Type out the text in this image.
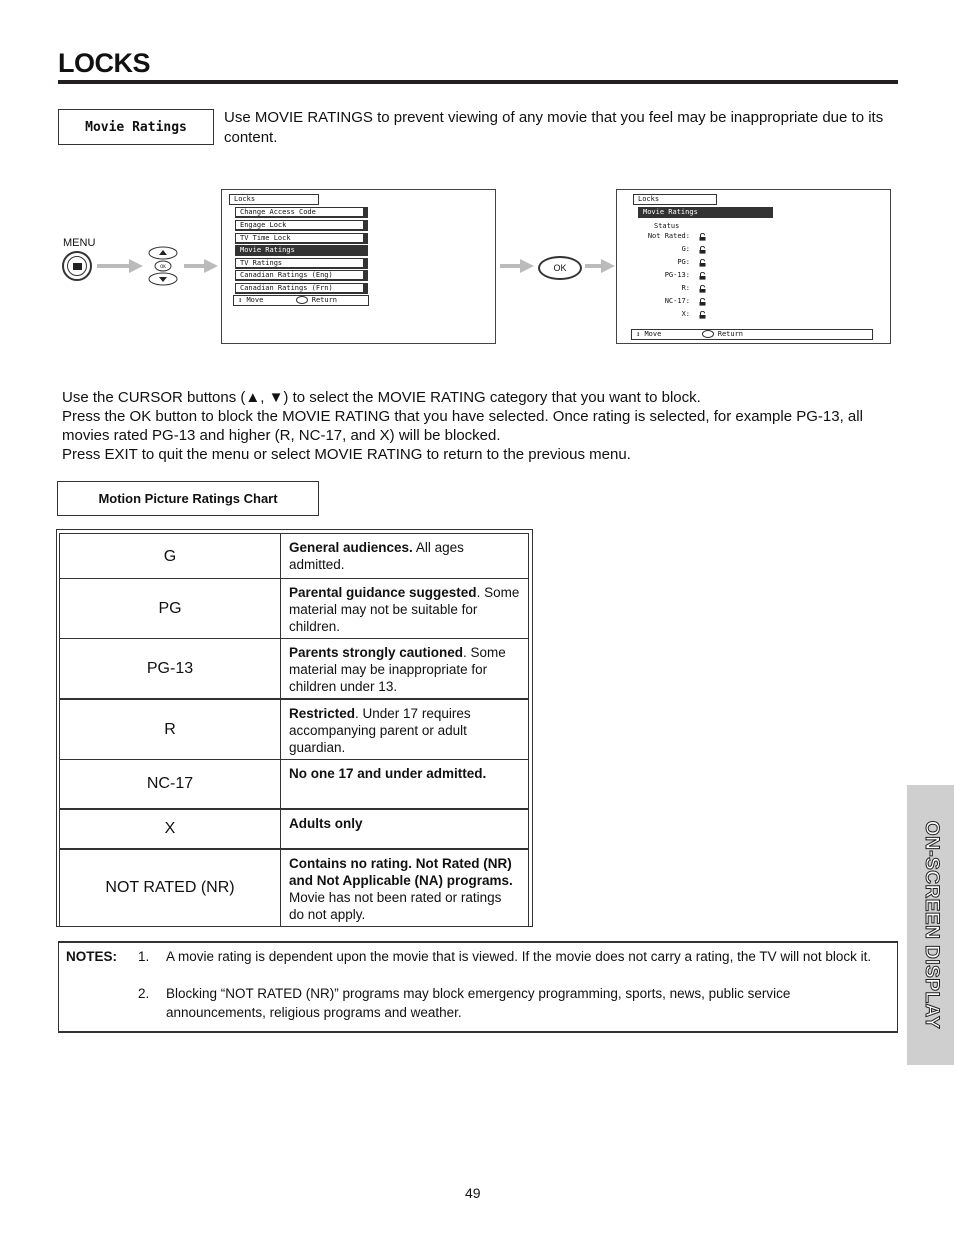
LOCKS
Movie Ratings
Use MOVIE RATINGS to prevent viewing of any movie that you feel may be inappropriate due to its content.
MENU
OK
Locks
Change Access Code
Engage Lock
TV Time Lock
Movie Ratings
TV Ratings
Canadian Ratings (Eng)
Canadian Ratings (Frn)
↕ Move	Return
OK
Locks
Movie Ratings
Status
Not Rated:
G:
PG:
PG-13:
R:
NC-17:
X:
↕ Move	Return

Use the CURSOR buttons (▲, ▼) to select the MOVIE RATING category that you want to block.

Press the OK button to block the MOVIE RATING that you have selected. Once rating is selected, for example PG-13, all movies rated PG-13 and higher (R, NC-17, and X) will be blocked.

Press EXIT to quit the menu or select MOVIE RATING to return to the previous menu.

Motion Picture Ratings Chart
G	General audiences. All ages admitted.
PG	Parental guidance suggested. Some material may not be suitable for children.
PG-13	Parents strongly cautioned. Some material may be inappropriate for children under 13.
R	Restricted. Under 17 requires accompanying parent or adult guardian.
NC-17	No one 17 and under admitted.
X	Adults only
NOT RATED (NR)	Contains no rating. Not Rated (NR) and Not Applicable (NA) programs. Movie has not been rated or ratings do not apply.
NOTES: 1. A movie rating is dependent upon the movie that is viewed. If the movie does not carry a rating, the TV will not block it.
2. Blocking “NOT RATED (NR)” programs may block emergency programming, sports, news, public service announcements, religious programs and weather.	ON-SCREEN DISPLAY
49
